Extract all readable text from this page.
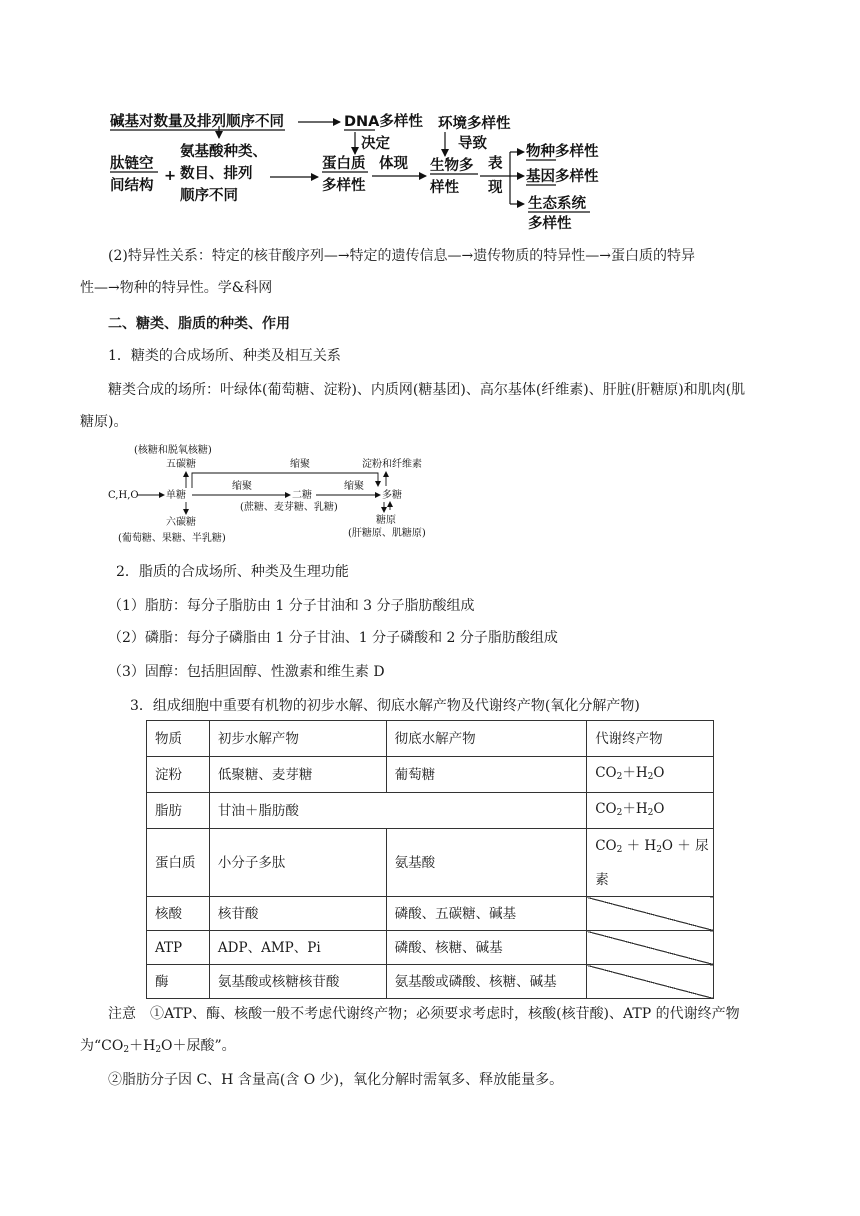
碱基对数量及排列顺序不同	DNA多样性
决定
肽链空
间结构
+
氨基酸种类、
数目、排列
顺序不同
蛋白质
多样性
体现
环境多样性
导致
生物多
样性
表
现
物种多样性
基因多样性
生态系统
多样性
(2)特异性关系：特定的核苷酸序列—→特定的遗传信息—→遗传物质的特异性—→蛋白质的特异
性—→物种的特异性。学&科网
二、糖类、脂质的种类、作用
1．糖类的合成场所、种类及相互关系
糖类合成的场所：叶绿体(葡萄糖、淀粉)、内质网(糖基团)、高尔基体(纤维素)、肝脏(肝糖原)和肌肉(肌
糖原)。
(核糖和脱氧核糖)
五碳糖	缩聚	淀粉和纤维素
C,H,O	单糖
缩聚
二糖
缩聚
多糖
六碳糖
(蔗糖、麦芽糖、乳糖)
糖原
(葡萄糖、果糖、半乳糖)	(肝糖原、肌糖原)
2．脂质的合成场所、种类及生理功能
（1）脂肪：每分子脂肪由 1 分子甘油和 3 分子脂肪酸组成
（2）磷脂：每分子磷脂由 1 分子甘油、1 分子磷酸和 2 分子脂肪酸组成
（3）固醇：包括胆固醇、性激素和维生素 D
3．组成细胞中重要有机物的初步水解、彻底水解产物及代谢终产物(氧化分解产物)
物质	初步水解产物	彻底水解产物	代谢终产物
淀粉	低聚糖、麦芽糖	葡萄糖	$CO_2+H_2O$
脂肪	甘油＋脂肪酸		$CO_2+H_2O$
蛋白质	小分子多肽	氨基酸	$CO_2 + H_2O$ ＋ 尿
素
核酸	核苷酸	磷酸、五碳糖、碱基	
ATP	ADP、AMP、Pi	磷酸、核糖、碱基	
酶	氨基酸或核糖核苷酸	氨基酸或磷酸、核糖、碱基	
注意　①ATP、酶、核酸一般不考虑代谢终产物；必须要求考虑时，核酸(核苷酸)、ATP 的代谢终产物
为“$CO_2+H_2O+$尿酸”。
②脂肪分子因 C、H 含量高(含 O 少)，氧化分解时需氧多、释放能量多。
